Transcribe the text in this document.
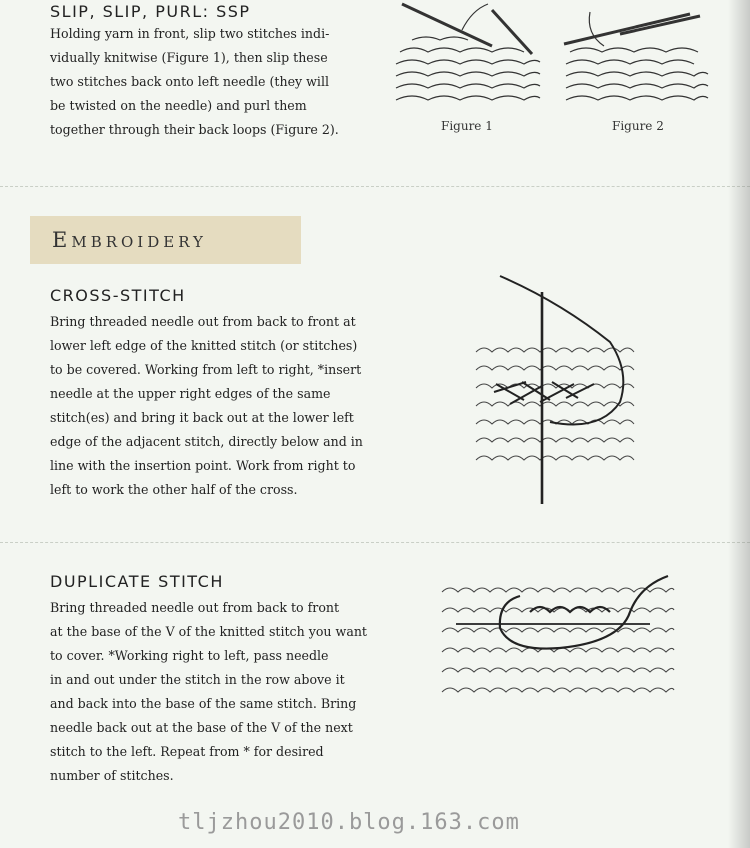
SLIP, SLIP, PURL: SSP
Holding yarn in front, slip two stitches indi-
vidually knitwise (Figure 1), then slip these
two stitches back onto left needle (they will
be twisted on the needle) and purl them
together through their back loops (Figure 2).	Figure 1	Figure 2
Embroidery
CROSS-STITCH
Bring threaded needle out from back to front at
lower left edge of the knitted stitch (or stitches)
to be covered. Working from left to right, *insert
needle at the upper right edges of the same
stitch(es) and bring it back out at the lower left
edge of the adjacent stitch, directly below and in
line with the insertion point. Work from right to
left to work the other half of the cross.
DUPLICATE STITCH
Bring threaded needle out from back to front
at the base of the V of the knitted stitch you want
to cover. *Working right to left, pass needle
in and out under the stitch in the row above it
and back into the base of the same stitch. Bring
needle back out at the base of the V of the next
stitch to the left. Repeat from * for desired
number of stitches.
tljzhou2010.blog.163.com
